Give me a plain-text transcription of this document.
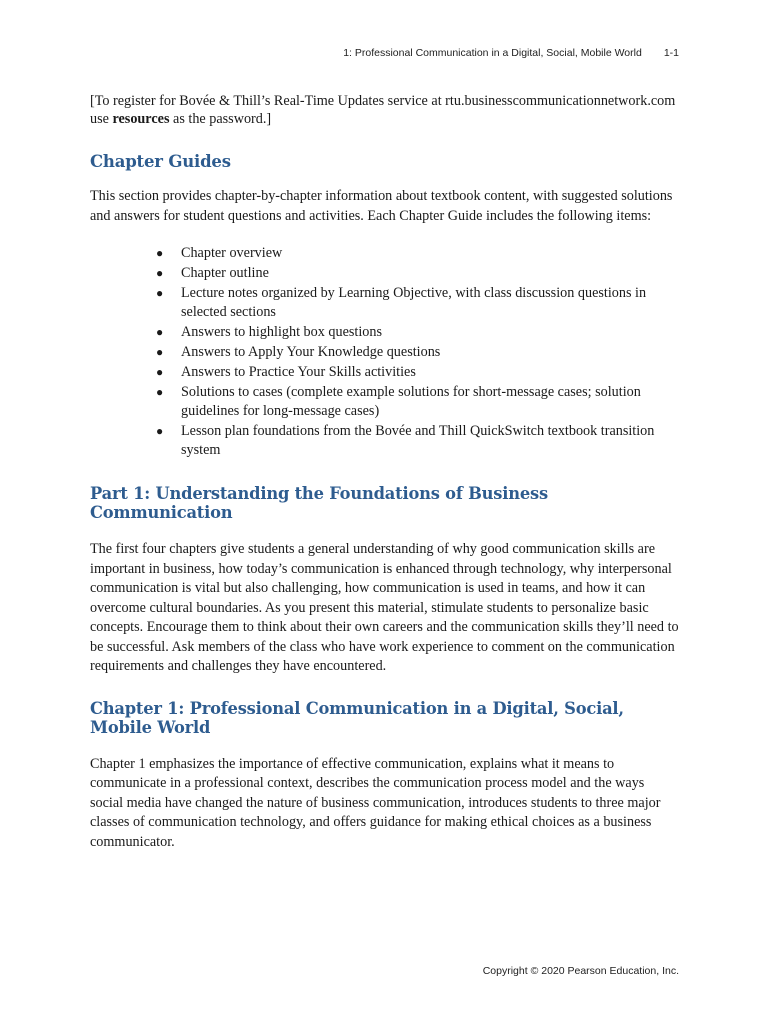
1: Professional Communication in a Digital, Social, Mobile World 1-1

[To register for Bovée & Thill’s Real-Time Updates service at rtu.businesscommunicationnetwork.com
use resources as the password.]

Chapter Guides

This section provides chapter-by-chapter information about textbook content, with suggested solutions and answers for student questions and activities. Each Chapter Guide includes the following items:

● Chapter overview
● Chapter outline
● Lecture notes organized by Learning Objective, with class discussion questions in selected sections
● Answers to highlight box questions
● Answers to Apply Your Knowledge questions
● Answers to Practice Your Skills activities
● Solutions to cases (complete example solutions for short-message cases; solution guidelines for long-message cases)
● Lesson plan foundations from the Bovée and Thill QuickSwitch textbook transition system
Part 1: Understanding the Foundations of Business Communication

The first four chapters give students a general understanding of why good communication skills are important in business, how today’s communication is enhanced through technology, why interpersonal communication is vital but also challenging, how communication is used in teams, and how it can overcome cultural boundaries. As you present this material, stimulate students to personalize basic concepts. Encourage them to think about their own careers and the communication skills they’ll need to be successful. Ask members of the class who have work experience to comment on the communication requirements and challenges they have encountered.

Chapter 1: Professional Communication in a Digital, Social, Mobile World

Chapter 1 emphasizes the importance of effective communication, explains what it means to communicate in a professional context, describes the communication process model and the ways social media have changed the nature of business communication, introduces students to three major classes of communication technology, and offers guidance for making ethical choices as a business communicator.

Copyright © 2020 Pearson Education, Inc.
